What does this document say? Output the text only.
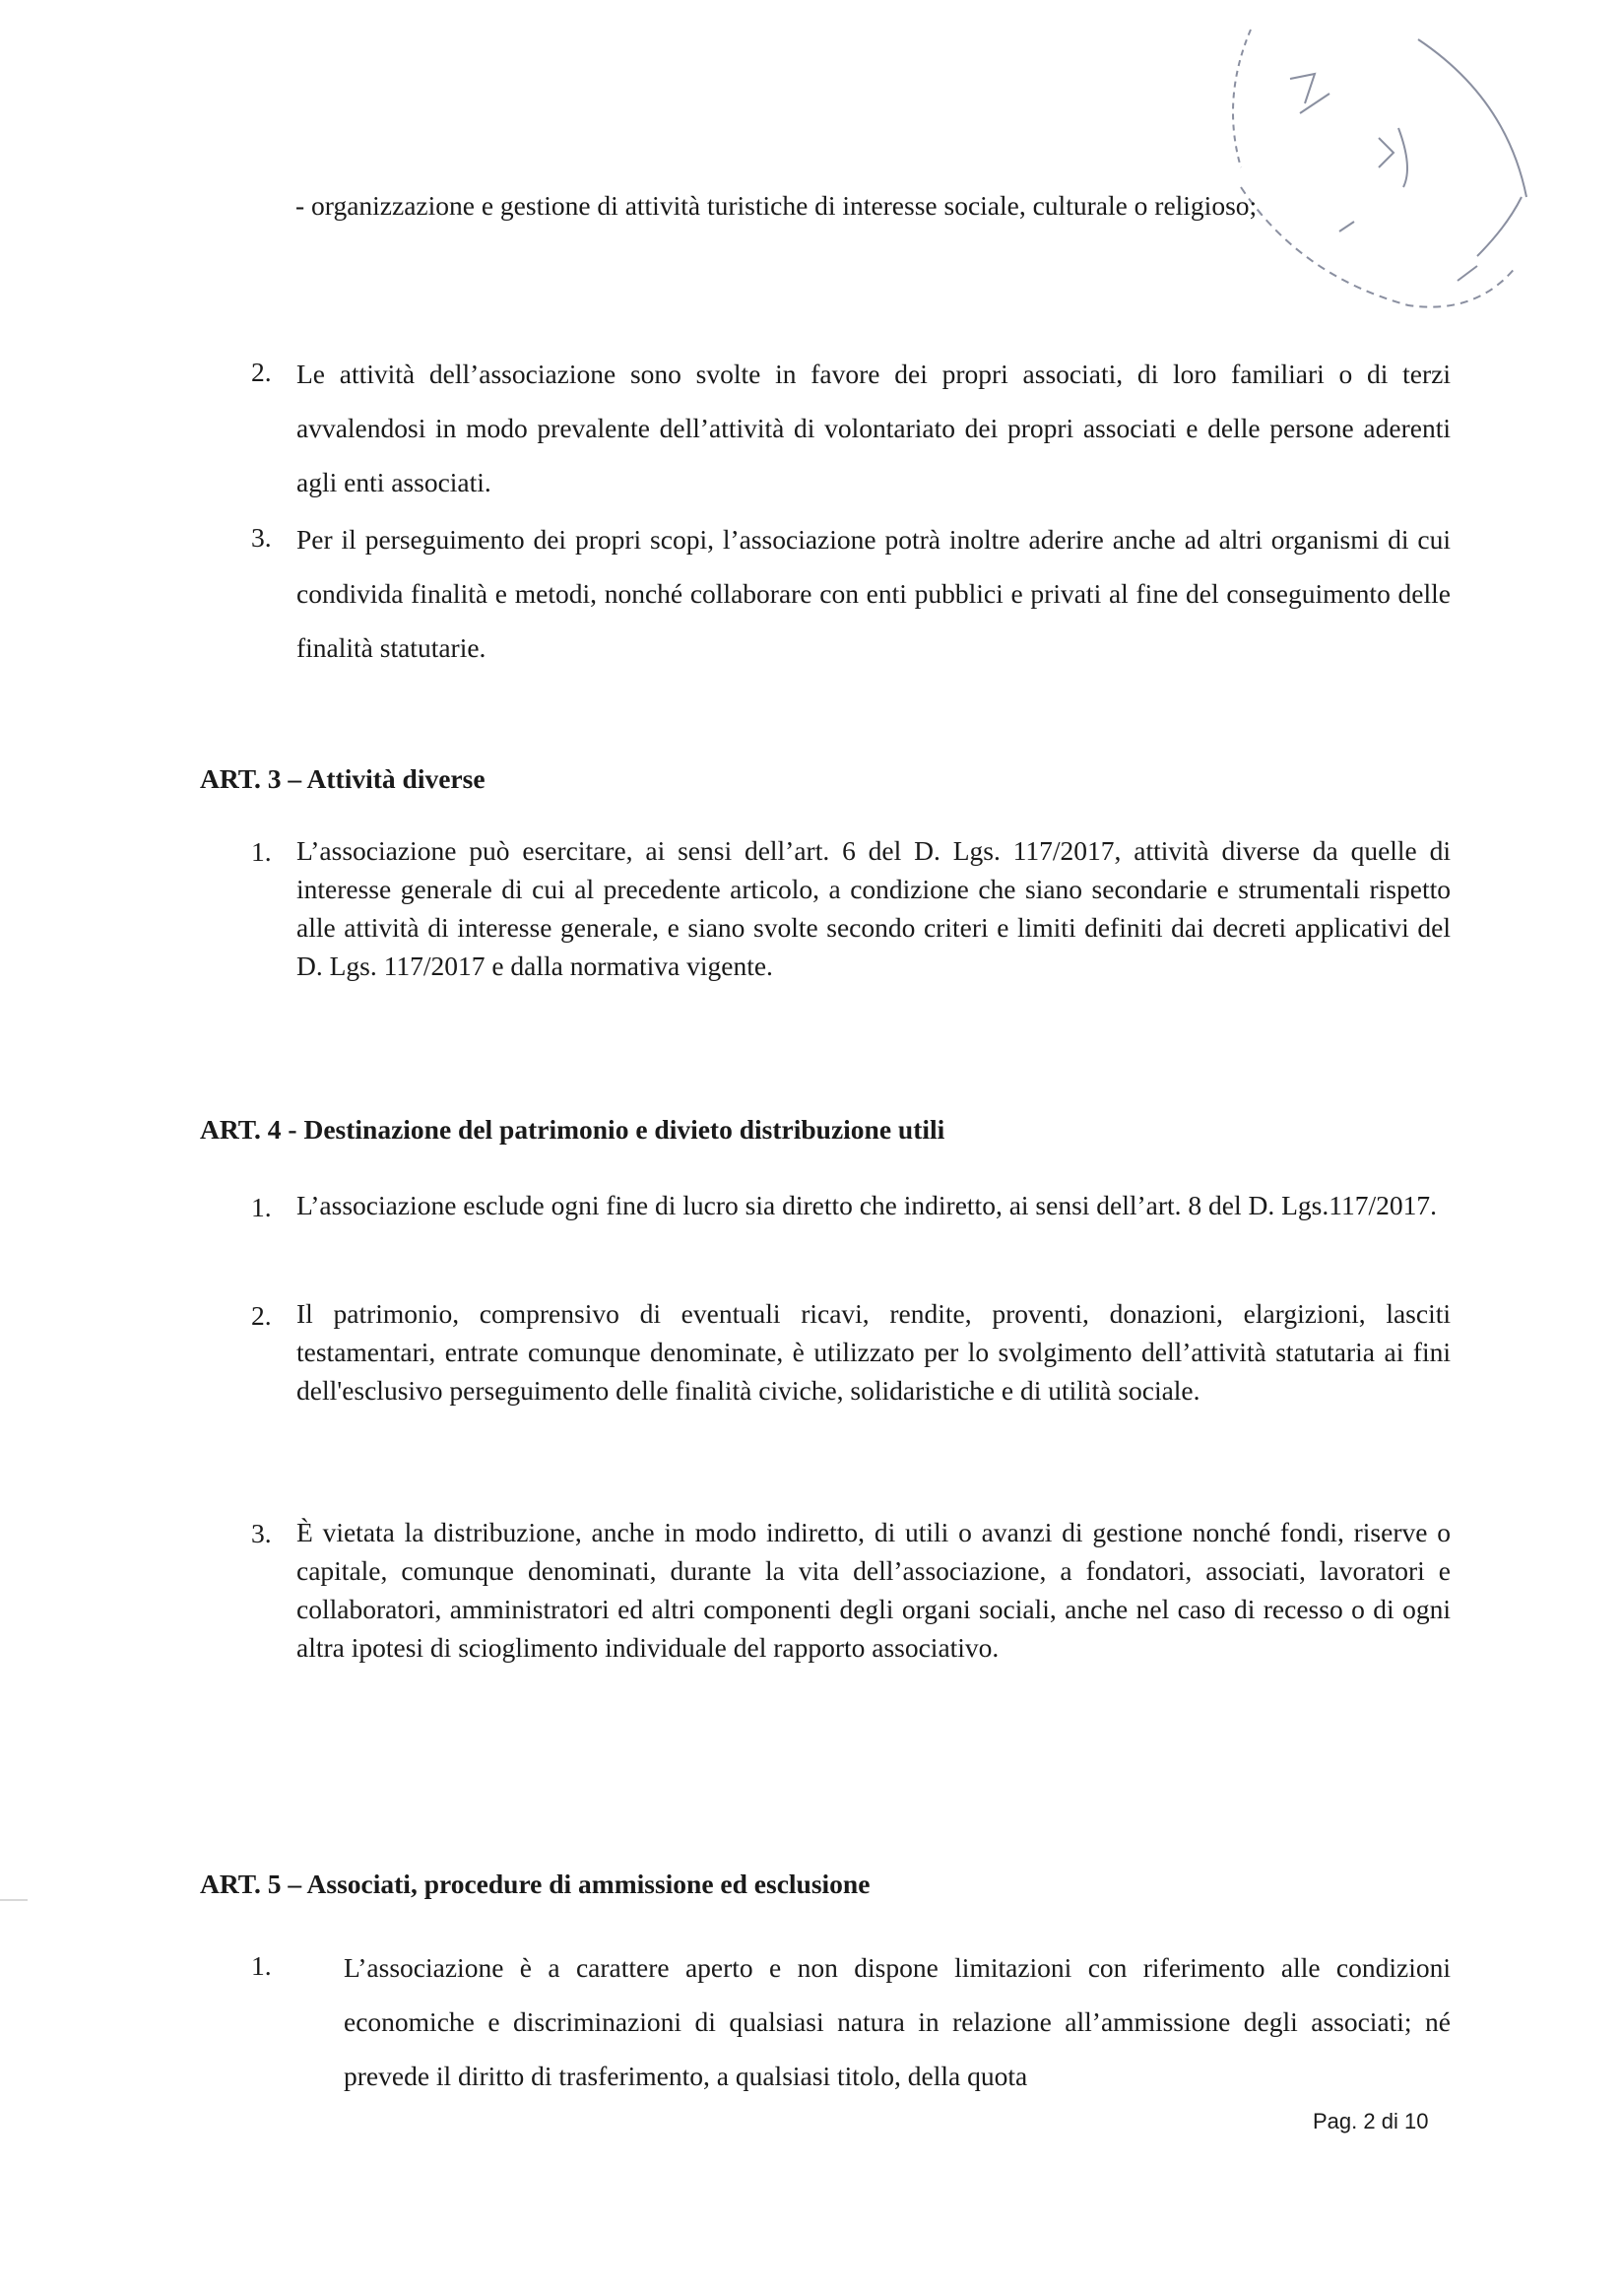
- organizzazione e gestione di attività turistiche di interesse sociale, culturale o religioso;
2. Le attività dell’associazione sono svolte in favore dei propri associati, di loro familiari o di terzi avvalendosi in modo prevalente dell’attività di volontariato dei propri associati e delle persone aderenti agli enti associati.
3. Per il perseguimento dei propri scopi, l’associazione potrà inoltre aderire anche ad altri organismi di cui condivida finalità e metodi, nonché collaborare con enti pubblici e privati al fine del conseguimento delle finalità statutarie.
ART. 3 – Attività diverse
1. L’associazione può esercitare, ai sensi dell’art. 6 del D. Lgs. 117/2017, attività diverse da quelle di interesse generale di cui al precedente articolo, a condizione che siano secondarie e strumentali rispetto alle attività di interesse generale, e siano svolte secondo criteri e limiti definiti dai decreti applicativi del D. Lgs. 117/2017 e dalla normativa vigente.
ART. 4 - Destinazione del patrimonio e divieto distribuzione utili
1. L’associazione esclude ogni fine di lucro sia diretto che indiretto, ai sensi dell’art. 8 del D. Lgs.117/2017.
2. Il patrimonio, comprensivo di eventuali ricavi, rendite, proventi, donazioni, elargizioni, lasciti testamentari, entrate comunque denominate, è utilizzato per lo svolgimento dell’attività statutaria ai fini dell'esclusivo perseguimento delle finalità civiche, solidaristiche e di utilità sociale.
3. È vietata la distribuzione, anche in modo indiretto, di utili o avanzi di gestione nonché fondi, riserve o capitale, comunque denominati, durante la vita dell’associazione, a fondatori, associati, lavoratori e collaboratori, amministratori ed altri componenti degli organi sociali, anche nel caso di recesso o di ogni altra ipotesi di scioglimento individuale del rapporto associativo.
ART. 5 – Associati, procedure di ammissione ed esclusione
1.	L’associazione è a carattere aperto e non dispone limitazioni con riferimento alle condizioni economiche e discriminazioni di qualsiasi natura in relazione all’ammissione degli associati; né prevede il diritto di trasferimento, a qualsiasi titolo, della quota
Pag. 2 di 10
